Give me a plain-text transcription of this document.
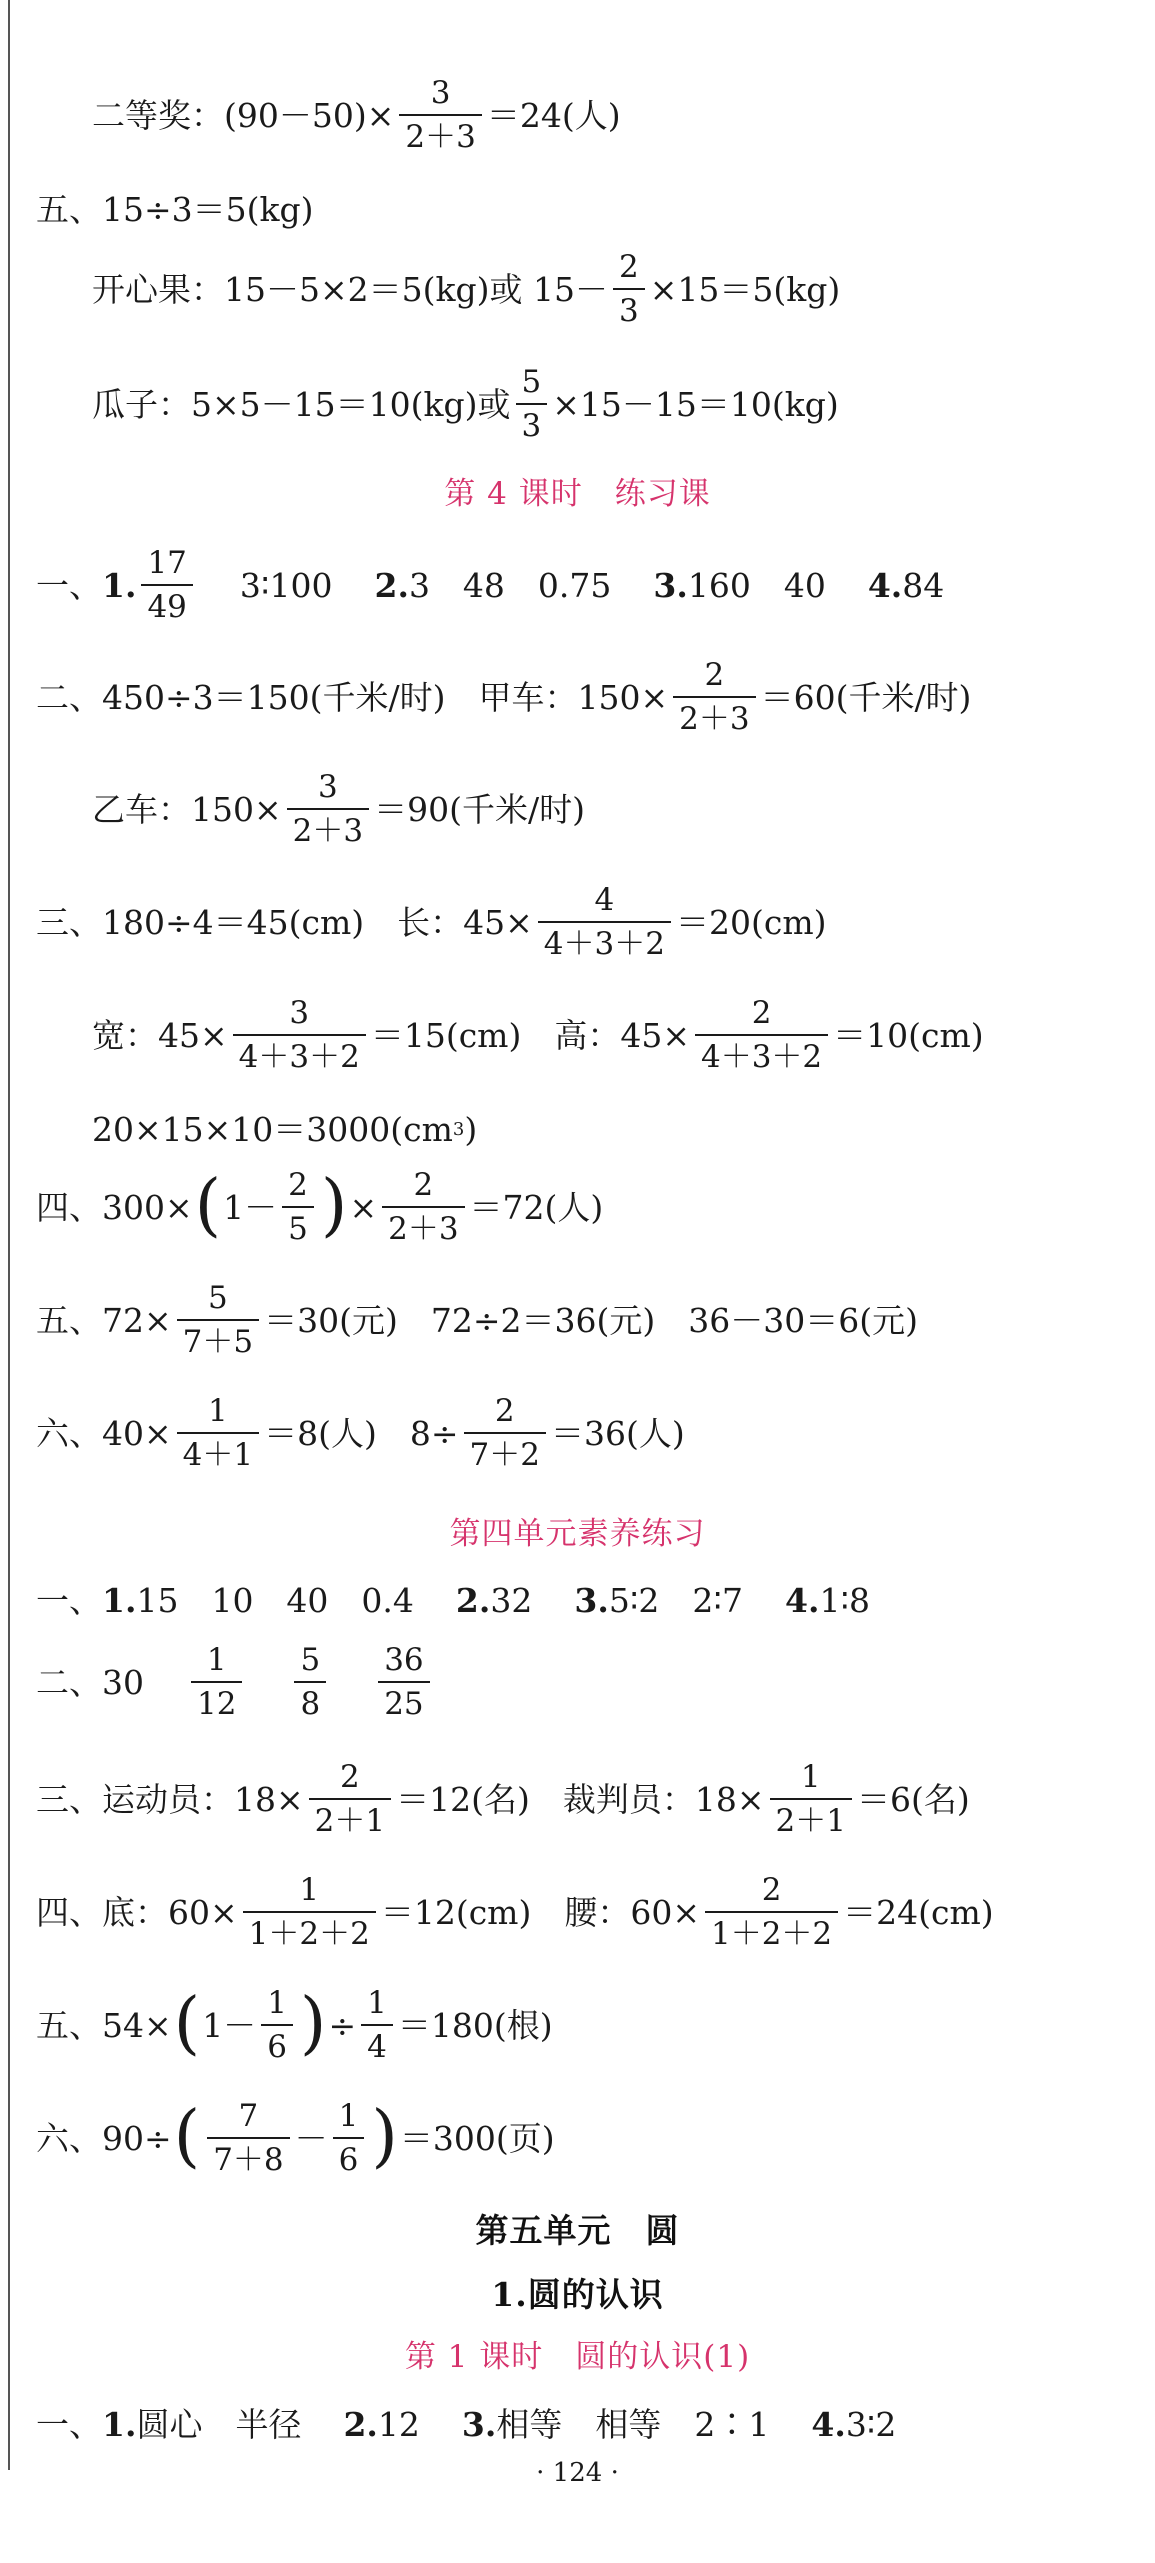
二等奖：$(90-50)\times \frac{3}{2+3} =24$(人)
五、15÷3＝5(kg)
开心果：15－5×2＝5(kg)或 $15- \frac{2}{3} \times 15=5(kg)$
瓜子：5×5－15＝10(kg)或 $\frac{5}{3} \times 15-15=10(kg)$
第 4 课时　练习课
一、 1. $\frac{17}{49}$ 3∶100 2. 3　48　0.75 3. 160　40 4. 84
二、450÷3＝150(千米/时)　甲车：$150\times \frac{2}{2+3} =60$(千米/时)
乙车：$150\times \frac{3}{2+3} =90$(千米/时)
三、180÷4＝45(cm)　长：$45\times \frac{4}{4+3+2} =20(cm)$
宽：$45\times \frac{3}{4+3+2} =15(cm)$　高：$45\times \frac{2}{4+3+2} =10(cm)$
20×15×10＝3000(cm 3 )
四、300× ( $1- \frac{2}{5}$ ) × $\frac{2}{2+3} =72$(人)
五、$72\times \frac{5}{7+5} =30$(元)　72÷2＝36(元)　36－30＝6(元)
六、$40\times \frac{1}{4+1} =8$(人)　$8\div \frac{2}{7+2} =36$(人)
第四单元素养练习
一、 1. 15　10　40　0.4 2. 32 3. 5∶2　2∶7 4. 1∶8
二、$30 \frac{1}{12} \frac{5}{8} \frac{36}{25}$
三、运动员：$18\times \frac{2}{2+1} =12$(名)　裁判员：$18\times \frac{1}{2+1} =6$(名)
四、底：$60\times \frac{1}{1+2+2} =12(cm)$　腰：$60\times \frac{2}{1+2+2} =24(cm)$
五、54× ( $1- \frac{1}{6}$ ) ÷ $\frac{1}{4} =180$(根)
六、90÷ ( $\frac{7}{7+8} - \frac{1}{6}$ ) ＝300(页)
第五单元　圆
1.圆的认识
第 1 课时　圆的认识(1)
一、 1. 圆心　半径 2. 12 3. 相等　相等　2∶1 4. 3∶2
· 124 ·
